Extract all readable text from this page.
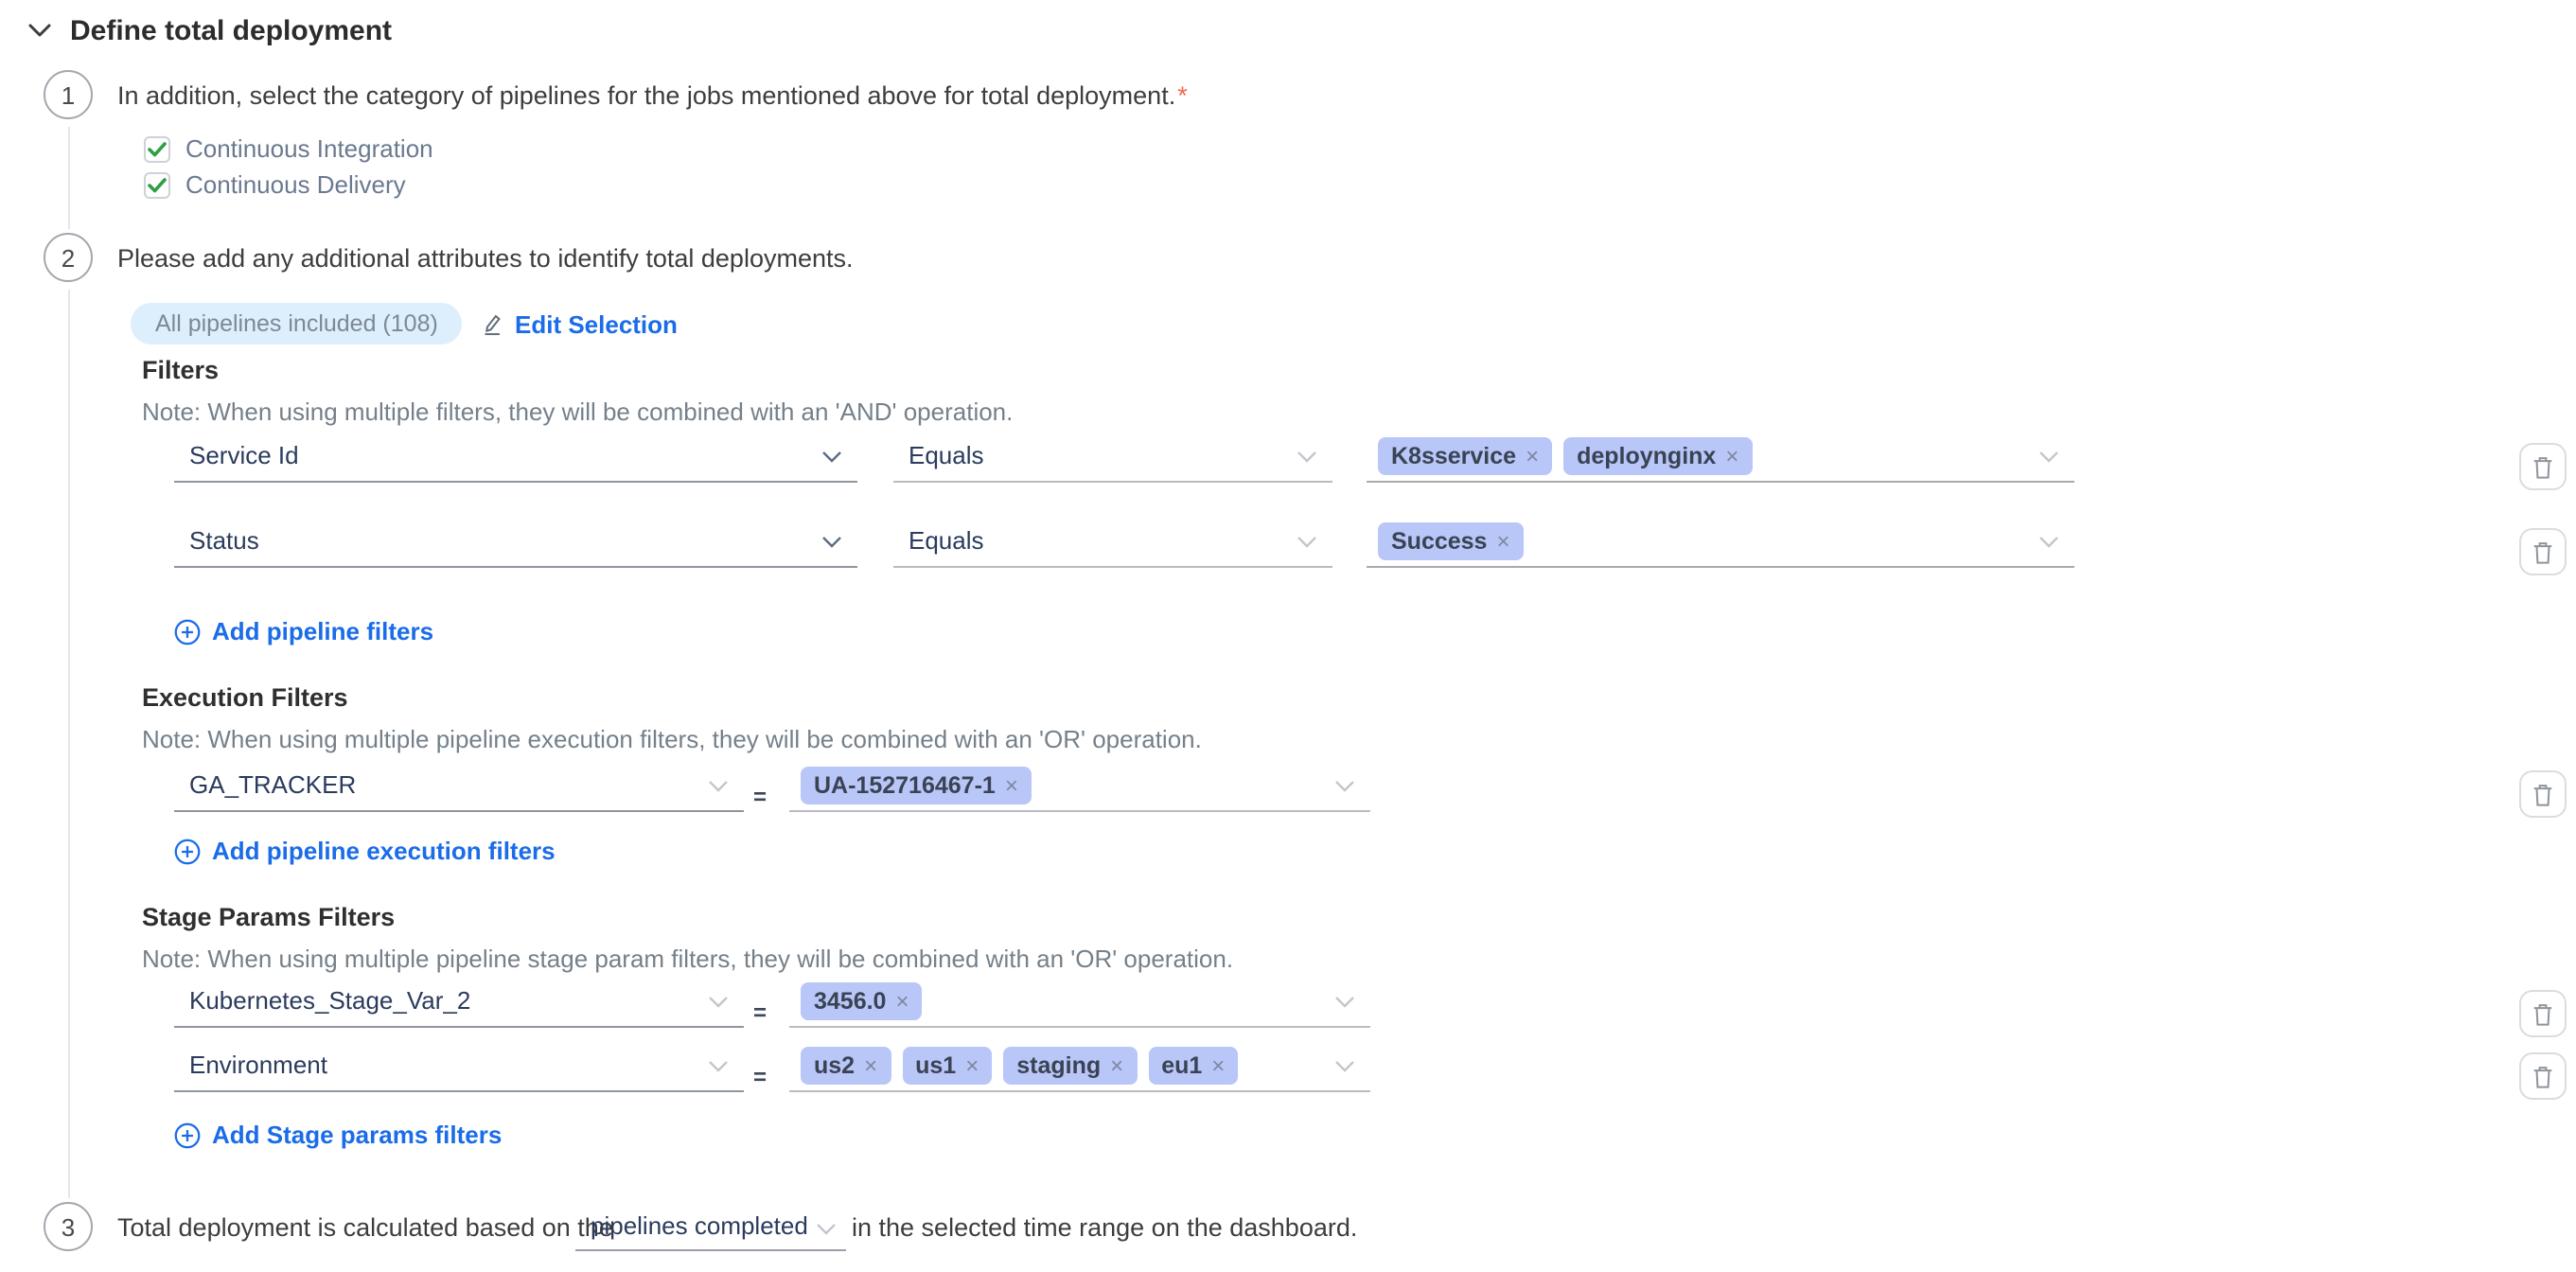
Define total deployment
1	In addition, select the category of pipelines for the jobs mentioned above for total deployment. *
Continuous Integration
Continuous Delivery
2	Please add any additional attributes to identify total deployments.
All pipelines included (108)	Edit Selection
Filters
Note: When using multiple filters, they will be combined with an 'AND' operation.
Service Id	Equals	K8sservice ×	deploynginx ×
Status	Equals	Success ×
Add pipeline filters
Execution Filters
Note: When using multiple pipeline execution filters, they will be combined with an 'OR' operation.
GA_TRACKER	=	UA-152716467-1 ×
Add pipeline execution filters
Stage Params Filters
Note: When using multiple pipeline stage param filters, they will be combined with an 'OR' operation.
Kubernetes_Stage_Var_2	=	3456.0 ×
Environment	=	us2 ×	us1 ×	staging ×	eu1 ×
Add Stage params filters
3	Total deployment is calculated based on the
pipelines completed	in the selected time range on the dashboard.
